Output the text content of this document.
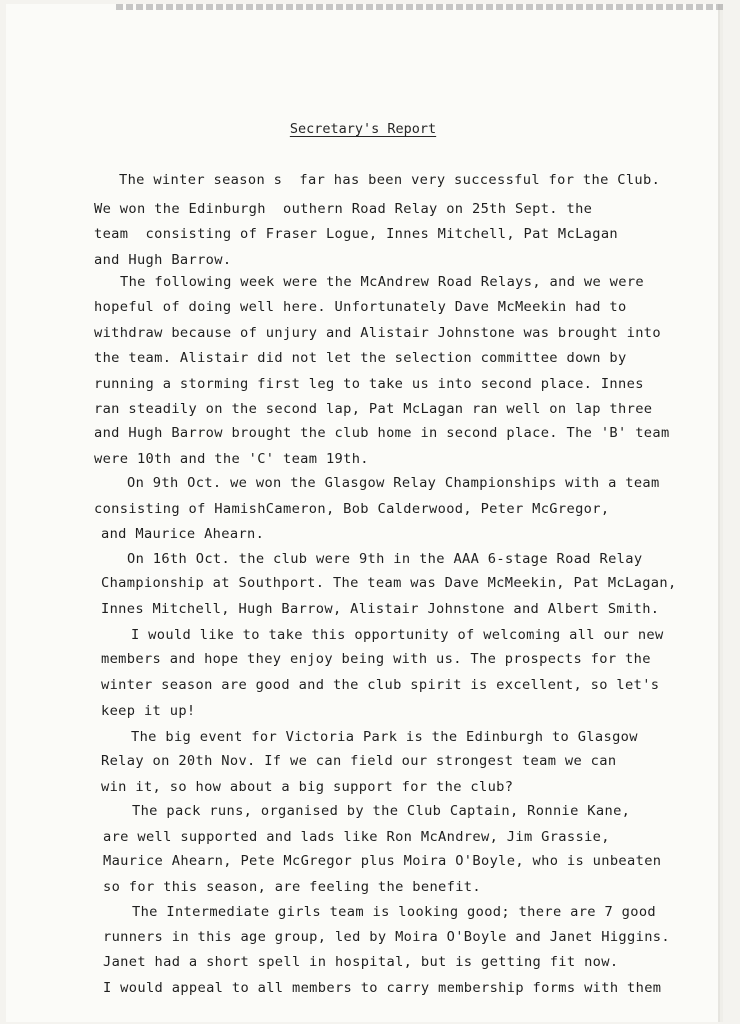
Secretary's Report
The winter season s  far has been very successful for the Club.
We won the Edinburgh  outhern Road Relay on 25th Sept. the
team  consisting of Fraser Logue, Innes Mitchell, Pat McLagan
and Hugh Barrow.
The following week were the McAndrew Road Relays, and we were
hopeful of doing well here. Unfortunately Dave McMeekin had to
withdraw because of unjury and Alistair Johnstone was brought into
the team. Alistair did not let the selection committee down by
running a storming first leg to take us into second place. Innes
ran steadily on the second lap, Pat McLagan ran well on lap three
and Hugh Barrow brought the club home in second place. The 'B' team
were 10th and the 'C' team 19th.
On 9th Oct. we won the Glasgow Relay Championships with a team
consisting of HamishCameron, Bob Calderwood, Peter McGregor,
and Maurice Ahearn.
On 16th Oct. the club were 9th in the AAA 6-stage Road Relay
Championship at Southport. The team was Dave McMeekin, Pat McLagan,
Innes Mitchell, Hugh Barrow, Alistair Johnstone and Albert Smith.
I would like to take this opportunity of welcoming all our new
members and hope they enjoy being with us. The prospects for the
winter season are good and the club spirit is excellent, so let's
keep it up!
The big event for Victoria Park is the Edinburgh to Glasgow
Relay on 20th Nov. If we can field our strongest team we can
win it, so how about a big support for the club?
The pack runs, organised by the Club Captain, Ronnie Kane,
are well supported and lads like Ron McAndrew, Jim Grassie,
Maurice Ahearn, Pete McGregor plus Moira O'Boyle, who is unbeaten
so for this season, are feeling the benefit.
The Intermediate girls team is looking good; there are 7 good
runners in this age group, led by Moira O'Boyle and Janet Higgins.
Janet had a short spell in hospital, but is getting fit now.
I would appeal to all members to carry membership forms with them
